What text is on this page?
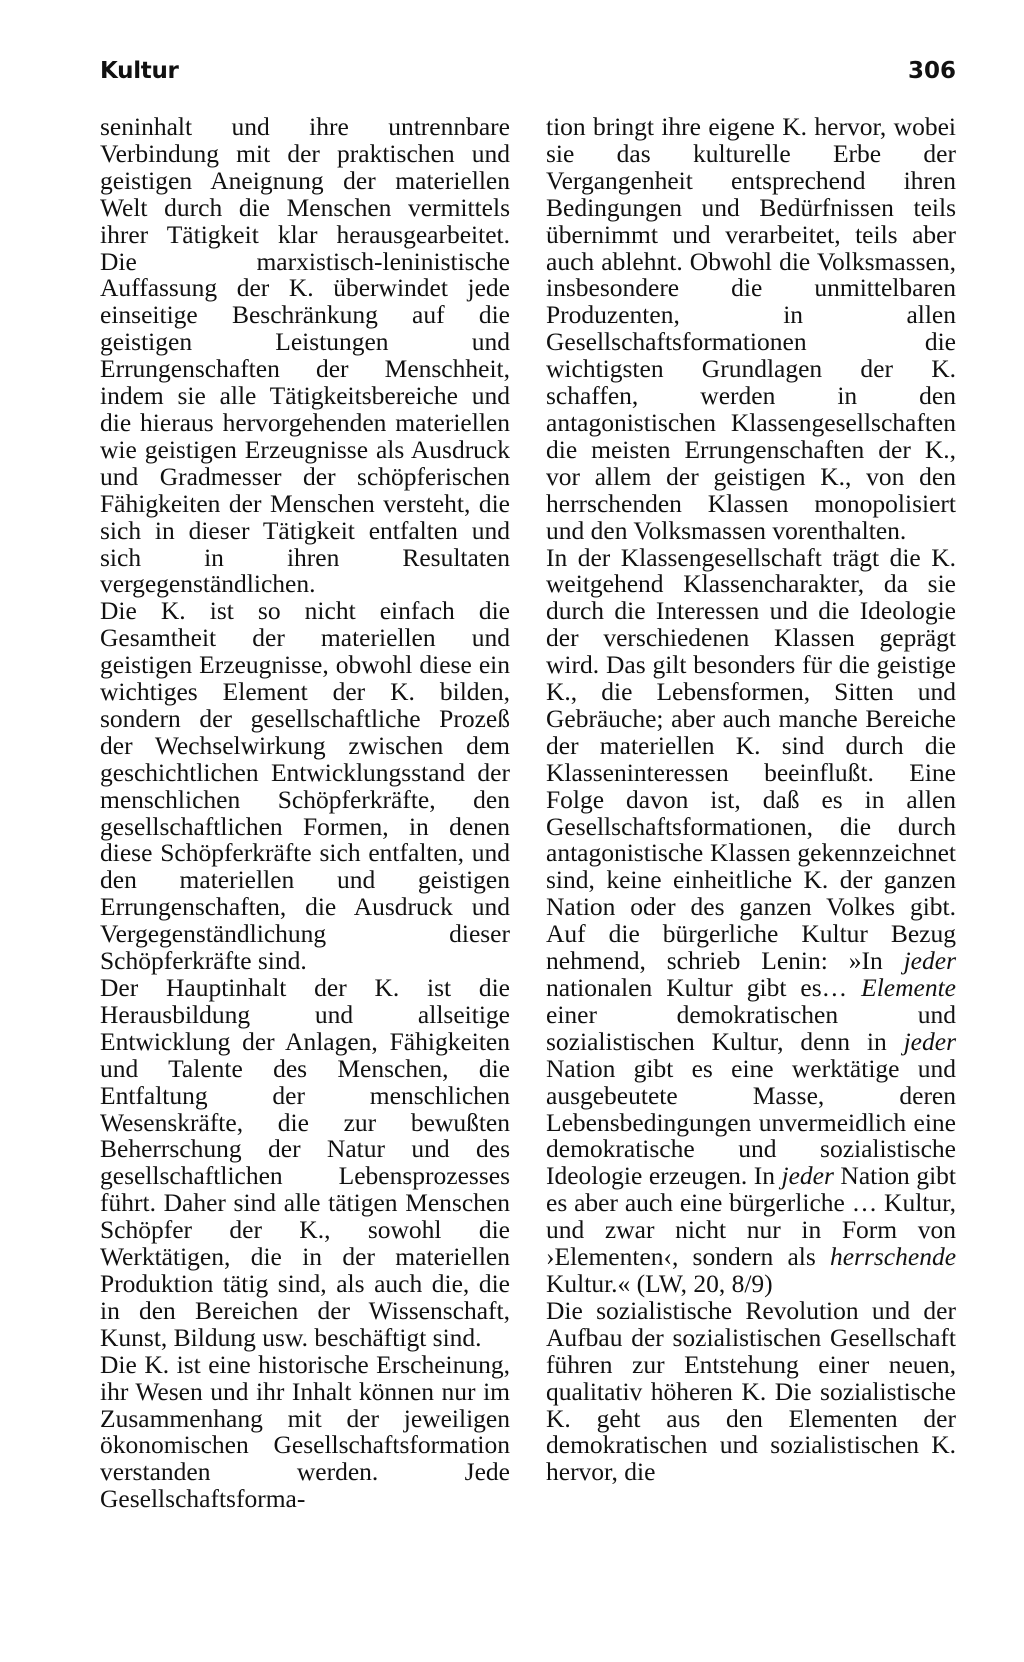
Kultur	306

seninhalt und ihre untrennbare Verbindung mit der praktischen und geistigen Aneignung der materiellen Welt durch die Menschen vermittels ihrer Tätigkeit klar herausgearbeitet. Die marxistisch-leninistische Auffassung der K. überwindet jede einseitige Beschränkung auf die geistigen Leistungen und Errungenschaften der Menschheit, indem sie alle Tätigkeitsbereiche und die hieraus hervorgehenden materiellen wie geistigen Erzeugnisse als Ausdruck und Gradmesser der schöpferischen Fähigkeiten der Menschen versteht, die sich in dieser Tätigkeit entfalten und sich in ihren Resultaten vergegenständlichen.

Die K. ist so nicht einfach die Gesamtheit der materiellen und geistigen Erzeugnisse, obwohl diese ein wichtiges Element der K. bilden, sondern der gesellschaftliche Prozeß der Wechselwirkung zwischen dem geschichtlichen Entwicklungsstand der menschlichen Schöpferkräfte, den gesellschaftlichen Formen, in denen diese Schöpferkräfte sich entfalten, und den materiellen und geistigen Errungenschaften, die Ausdruck und Vergegenständlichung dieser Schöpferkräfte sind.

Der Hauptinhalt der K. ist die Herausbildung und allseitige Entwicklung der Anlagen, Fähigkeiten und Talente des Menschen, die Entfaltung der menschlichen Wesenskräfte, die zur bewußten Beherrschung der Natur und des gesellschaftlichen Lebensprozesses führt. Daher sind alle tätigen Menschen Schöpfer der K., sowohl die Werktätigen, die in der materiellen Produktion tätig sind, als auch die, die in den Bereichen der Wissenschaft, Kunst, Bildung usw. beschäftigt sind.

Die K. ist eine historische Erscheinung, ihr Wesen und ihr Inhalt können nur im Zusammenhang mit der jeweiligen ökonomischen Gesellschaftsformation verstanden werden. Jede Gesellschaftsforma-

tion bringt ihre eigene K. hervor, wobei sie das kulturelle Erbe der Vergangenheit entsprechend ihren Bedingungen und Bedürfnissen teils übernimmt und verarbeitet, teils aber auch ablehnt. Obwohl die Volksmassen, insbesondere die unmittelbaren Produzenten, in allen Gesellschaftsformationen die wichtigsten Grundlagen der K. schaffen, werden in den antagonistischen Klassengesellschaften die meisten Errungenschaften der K., vor allem der geistigen K., von den herrschenden Klassen monopolisiert und den Volksmassen vorenthalten.

In der Klassengesellschaft trägt die K. weitgehend Klassencharakter, da sie durch die Interessen und die Ideologie der verschiedenen Klassen geprägt wird. Das gilt besonders für die geistige K., die Lebensformen, Sitten und Gebräuche; aber auch manche Bereiche der materiellen K. sind durch die Klasseninteressen beeinflußt. Eine Folge davon ist, daß es in allen Gesellschaftsformationen, die durch antagonistische Klassen gekennzeichnet sind, keine einheitliche K. der ganzen Nation oder des ganzen Volkes gibt. Auf die bürgerliche Kultur Bezug nehmend, schrieb Lenin: »In jeder nationalen Kultur gibt es… Elemente einer demokratischen und sozialistischen Kultur, denn in jeder Nation gibt es eine werktätige und ausgebeutete Masse, deren Lebensbedingungen unvermeidlich eine demokratische und sozialistische Ideologie erzeugen. In jeder Nation gibt es aber auch eine bürgerliche … Kultur, und zwar nicht nur in Form von ›Elementen‹, sondern als herrschende Kultur.« (LW, 20, 8/9)

Die sozialistische Revolution und der Aufbau der sozialistischen Gesellschaft führen zur Entstehung einer neuen, qualitativ höheren K. Die sozialistische K. geht aus den Elementen der demokratischen und sozialistischen K. hervor, die
